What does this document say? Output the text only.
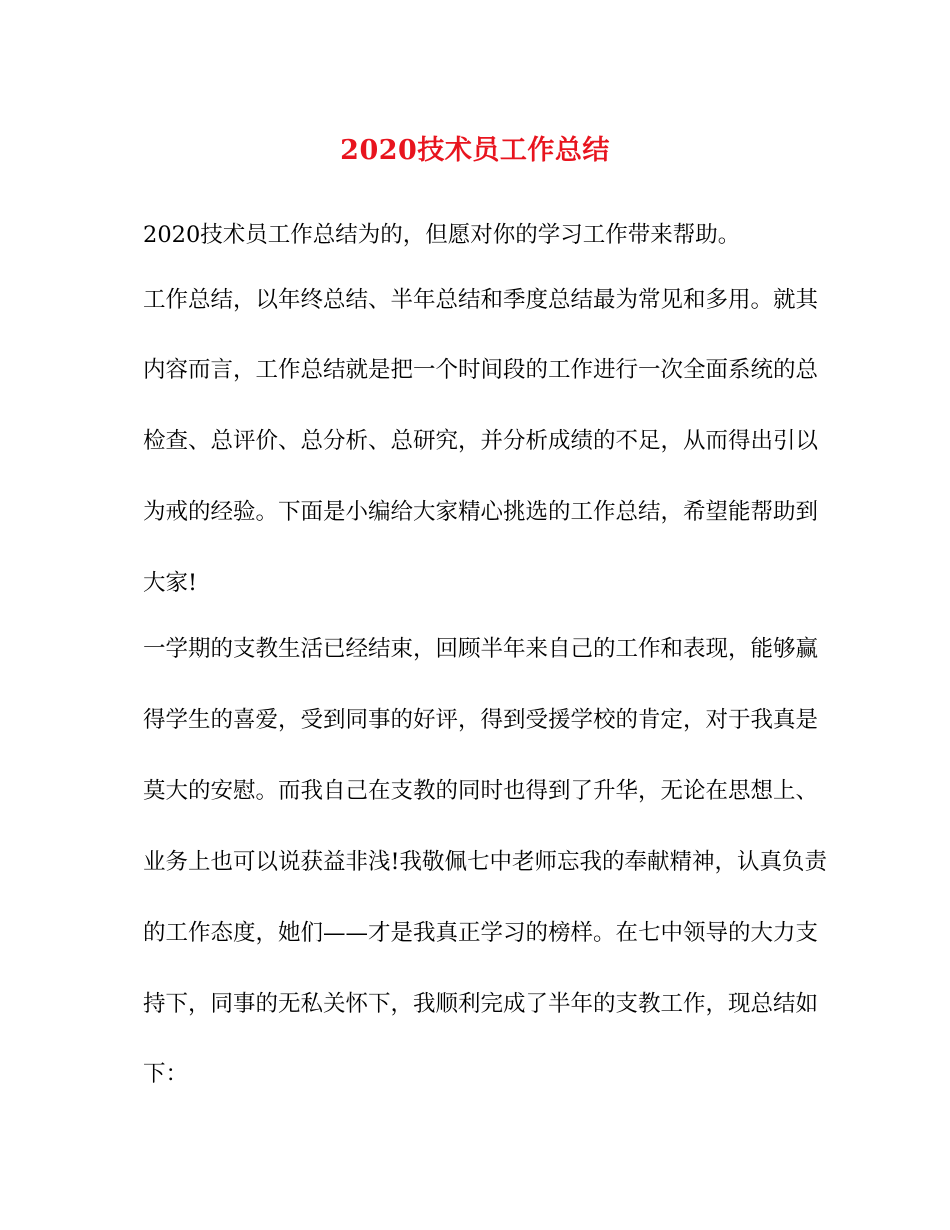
2020技术员工作总结
2020技术员工作总结为的，但愿对你的学习工作带来帮助。
工作总结，以年终总结、半年总结和季度总结最为常见和多用。就其
内容而言，工作总结就是把一个时间段的工作进行一次全面系统的总
检查、总评价、总分析、总研究，并分析成绩的不足，从而得出引以
为戒的经验。下面是小编给大家精心挑选的工作总结，希望能帮助到
大家!
一学期的支教生活已经结束，回顾半年来自己的工作和表现，能够赢
得学生的喜爱，受到同事的好评，得到受援学校的肯定，对于我真是
莫大的安慰。而我自己在支教的同时也得到了升华，无论在思想上、
业务上也可以说获益非浅!我敬佩七中老师忘我的奉献精神，认真负责
的工作态度，她们——才是我真正学习的榜样。在七中领导的大力支
持下，同事的无私关怀下，我顺利完成了半年的支教工作，现总结如
下：
